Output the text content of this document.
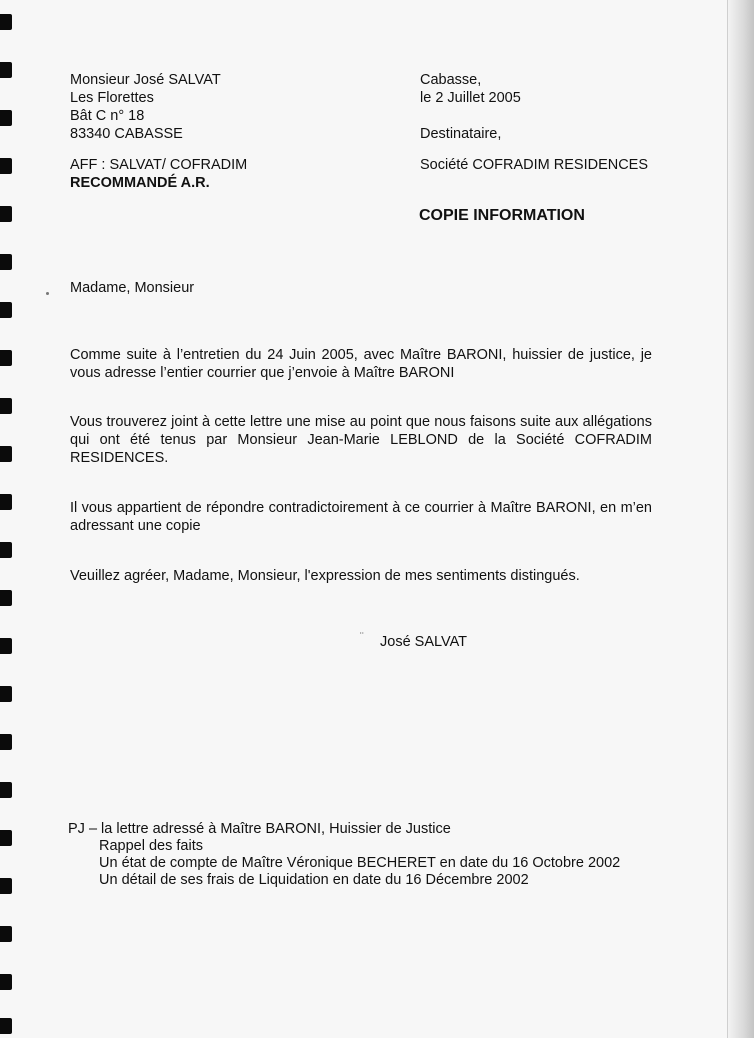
Monsieur José SALVAT
Les Florettes
Bât C n° 18
83340 CABASSE
Cabasse,
le 2 Juillet 2005

Destinataire,
AFF : SALVAT/ COFRADIM
RECOMMANDÉ A.R.
Société COFRADIM RESIDENCES
COPIE INFORMATION
Madame, Monsieur
Comme suite à l’entretien du 24 Juin 2005, avec Maître BARONI, huissier de justice, je vous adresse l’entier courrier que j’envoie à Maître BARONI
Vous trouverez joint à cette lettre une mise au point que nous faisons suite aux allégations qui ont été tenus par Monsieur Jean-Marie LEBLOND de la Société COFRADIM RESIDENCES.
Il vous appartient de répondre contradictoirement à ce courrier à Maître BARONI, en m’en adressant une copie
Veuillez agréer, Madame, Monsieur, l'expression de mes sentiments distingués.
¨ José SALVAT
PJ – la lettre adressé à Maître BARONI, Huissier de Justice
Rappel des faits
Un état de compte de Maître Véronique BECHERET en date du 16 Octobre 2002
Un détail de ses frais de Liquidation en date du 16 Décembre 2002
